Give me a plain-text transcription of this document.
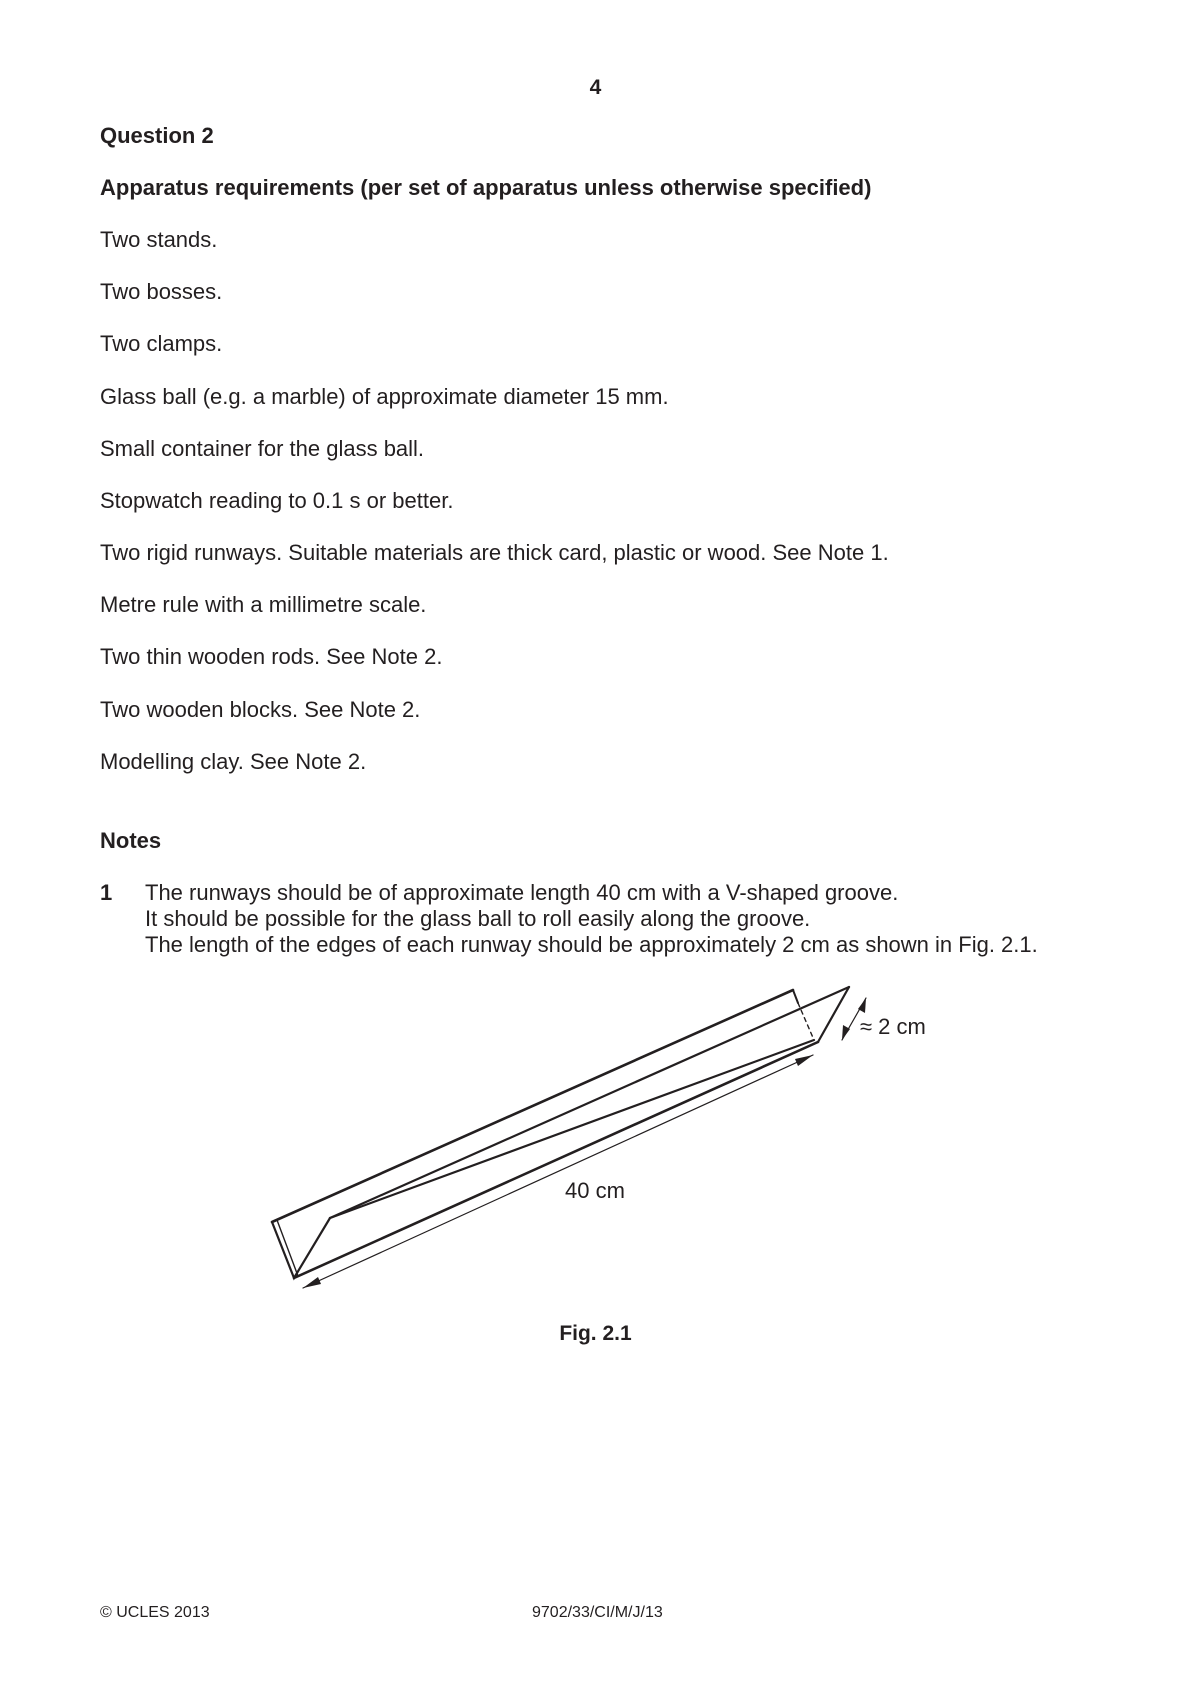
4
Question 2
Apparatus requirements (per set of apparatus unless otherwise specified)
Two stands.
Two bosses.
Two clamps.
Glass ball (e.g. a marble) of approximate diameter 15 mm.
Small container for the glass ball.
Stopwatch reading to 0.1 s or better.
Two rigid runways. Suitable materials are thick card, plastic or wood. See Note 1.
Metre rule with a millimetre scale.
Two thin wooden rods. See Note 2.
Two wooden blocks. See Note 2.
Modelling clay. See Note 2.
Notes
1 The runways should be of approximate length 40 cm with a V-shaped groove.
It should be possible for the glass ball to roll easily along the groove.
The length of the edges of each runway should be approximately 2 cm as shown in Fig. 2.1.
40 cm
≈ 2 cm
Fig. 2.1
© UCLES 2013	9702/33/CI/M/J/13
